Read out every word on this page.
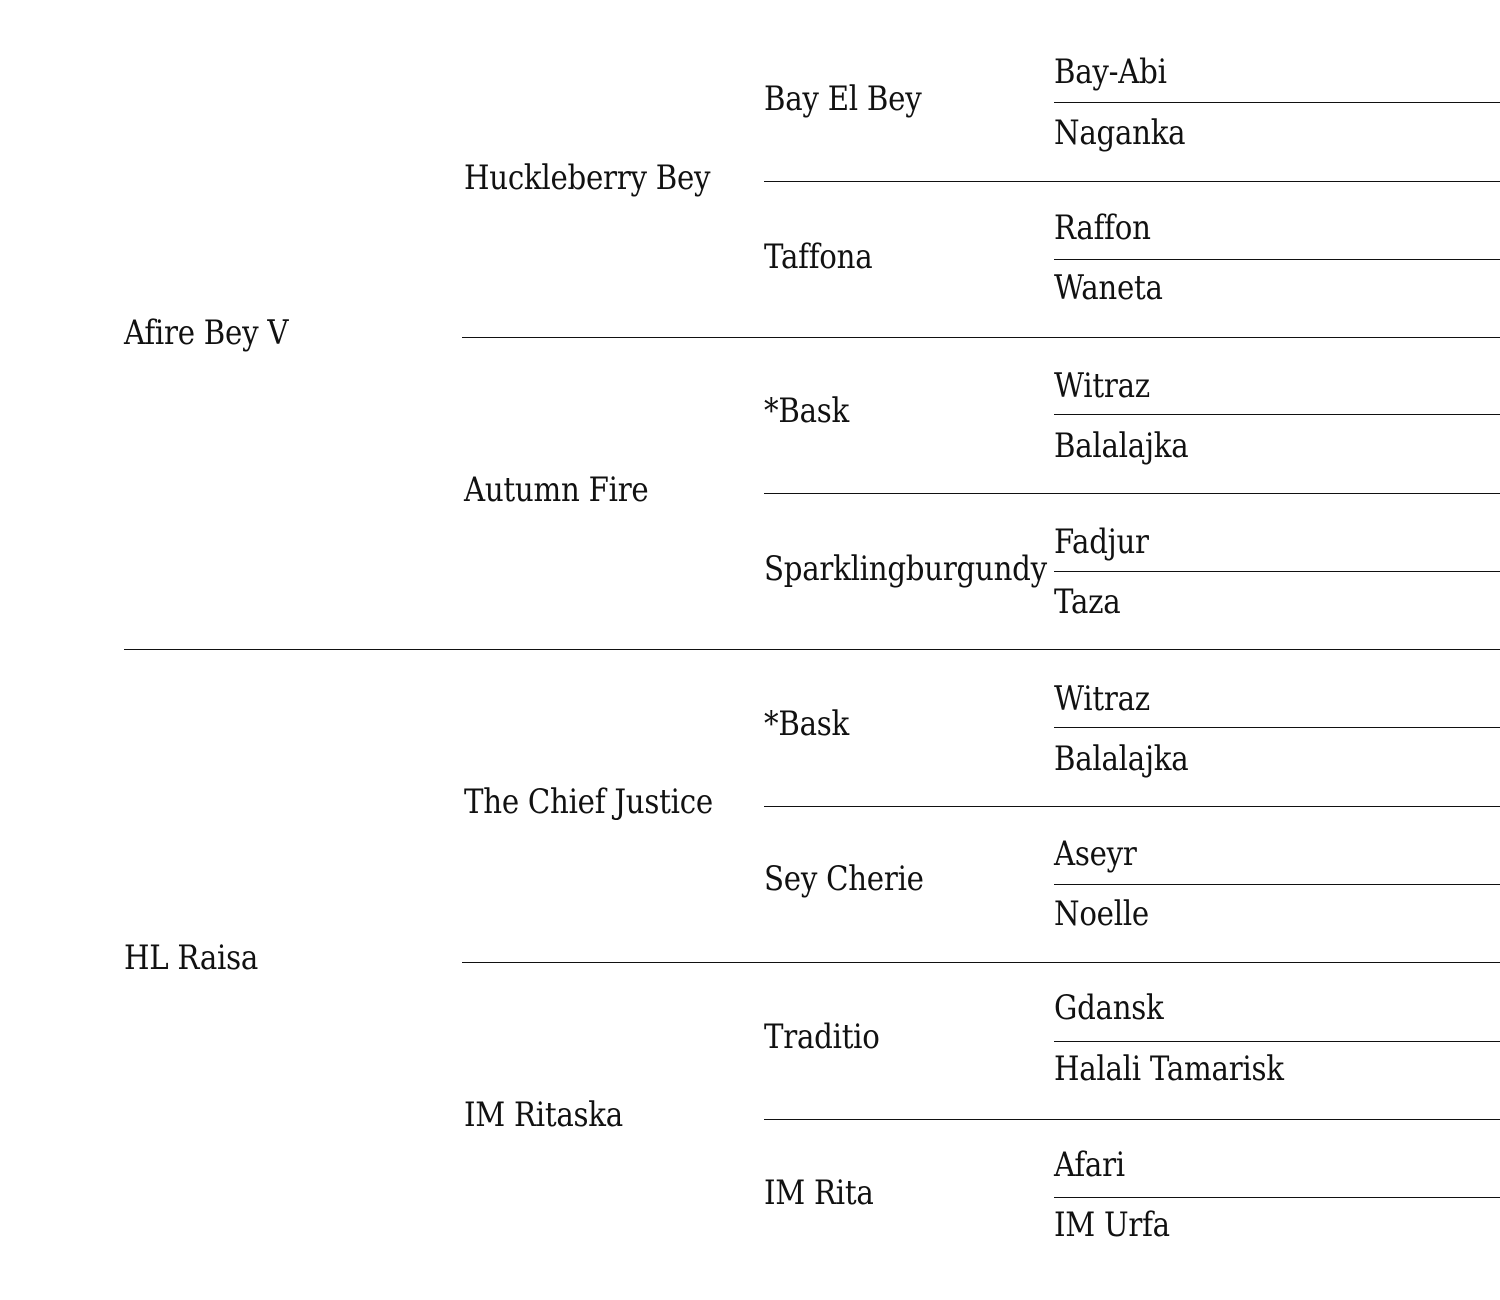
Afire Bey V
HL Raisa
Huckleberry Bey
Autumn Fire
The Chief Justice
IM Ritaska
Bay El Bey
Taffona
*Bask
Sparklingburgundy
*Bask
Sey Cherie
Traditio
IM Rita
Bay-Abi
Naganka
Raffon
Waneta
Witraz
Balalajka
Fadjur
Taza
Witraz
Balalajka
Aseyr
Noelle
Gdansk
Halali Tamarisk
Afari
IM Urfa
